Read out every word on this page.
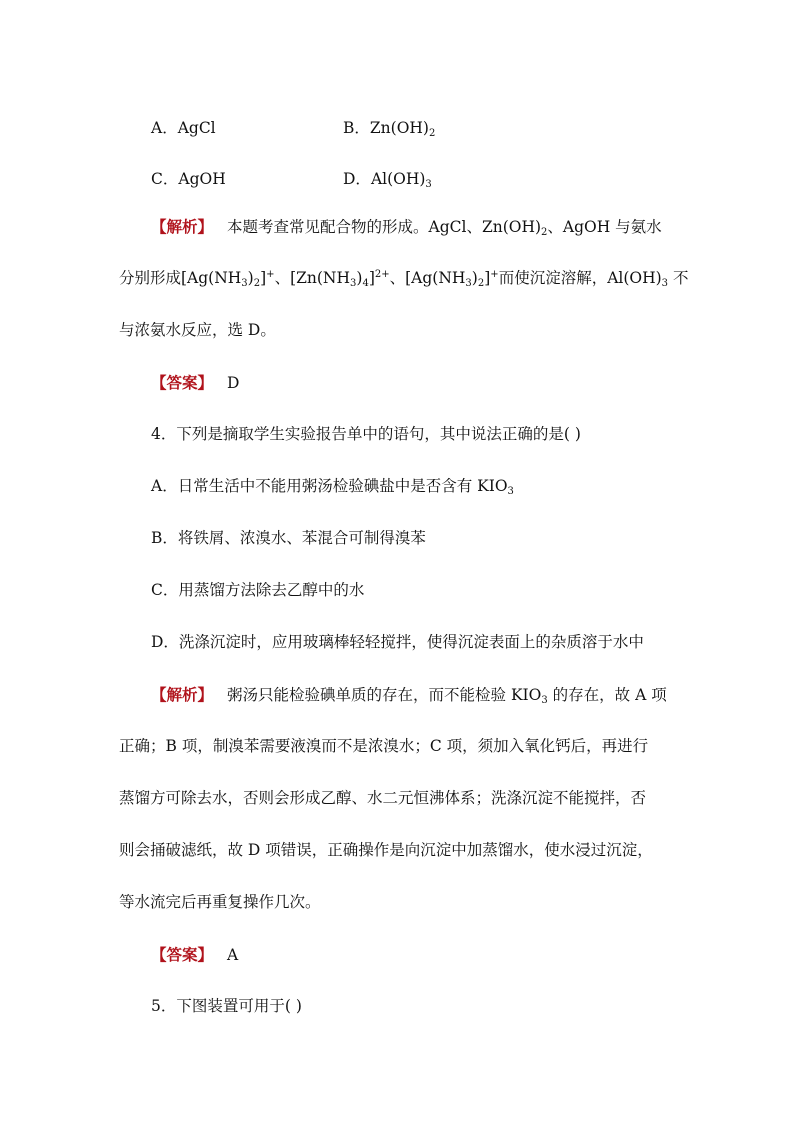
A．AgCl	B．$Zn(OH)_2$
C．AgOH	D．$Al(OH)_3$
【解析】 本题考查常见配合物的形成。AgCl、$Zn(OH)_2$、AgOH 与氨水
分别形成$[Ag(NH_3)_2]^+$、$[Zn(NH_3)_4]^{2+}$、$[Ag(NH_3)_2]^+$而使沉淀溶解，$Al(OH)_3$ 不
与浓氨水反应，选 D。
【答案】 D
4．下列是摘取学生实验报告单中的语句，其中说法正确的是( )
A．日常生活中不能用粥汤检验碘盐中是否含有 $KIO_3$
B．将铁屑、浓溴水、苯混合可制得溴苯
C．用蒸馏方法除去乙醇中的水
D．洗涤沉淀时，应用玻璃棒轻轻搅拌，使得沉淀表面上的杂质溶于水中
【解析】 粥汤只能检验碘单质的存在，而不能检验 $KIO_3$ 的存在，故 A 项
正确；B 项，制溴苯需要液溴而不是浓溴水；C 项，须加入氧化钙后，再进行
蒸馏方可除去水，否则会形成乙醇、水二元恒沸体系；洗涤沉淀不能搅拌，否
则会捅破滤纸，故 D 项错误，正确操作是向沉淀中加蒸馏水，使水浸过沉淀，
等水流完后再重复操作几次。
【答案】 A
5．下图装置可用于( )
